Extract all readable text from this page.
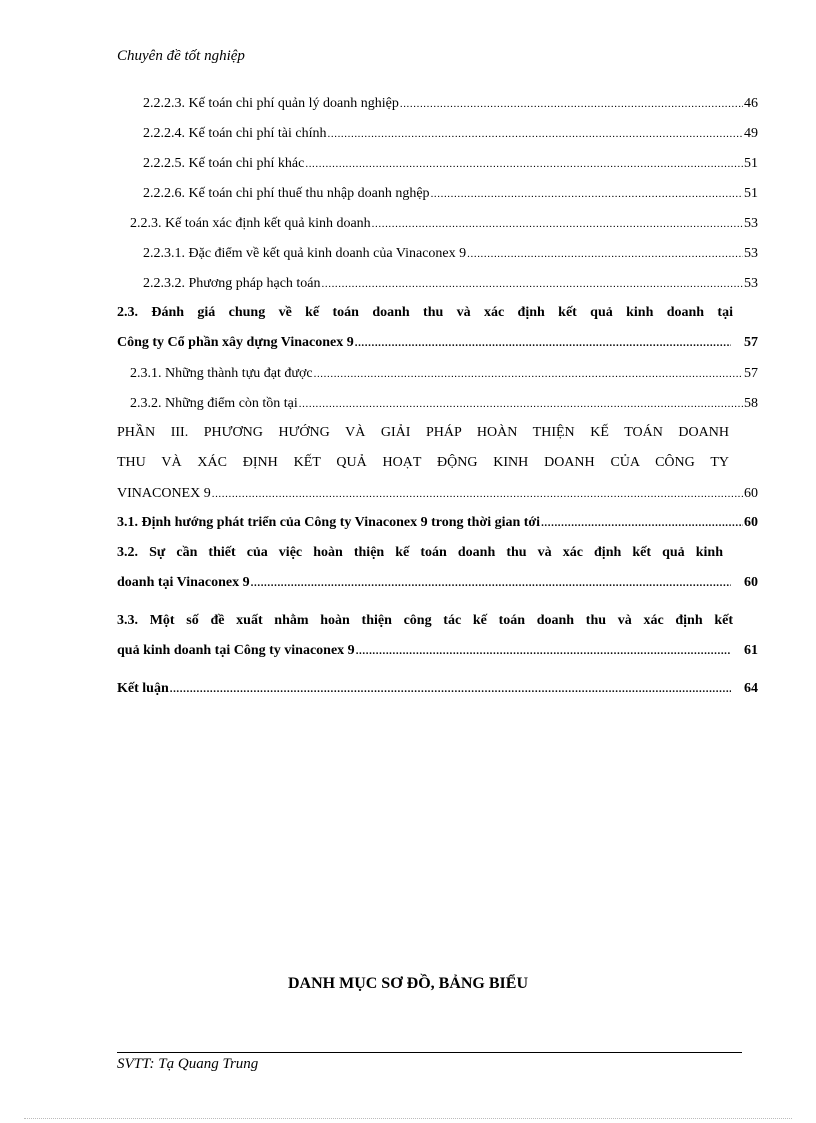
Chuyên đề tốt nghiệp
2.2.2.3. Kế toán chi phí quản lý doanh nghiệp .....	46
2.2.2.4. Kế toán chi phí tài chính .....	49
2.2.2.5. Kế toán chi phí khác .....	51
2.2.2.6. Kế toán chi phí thuế thu nhập doanh nghệp .....	51
2.2.3. Kế toán xác định kết quả kinh doanh .....	53
2.2.3.1. Đặc điểm về kết quả kinh doanh của Vinaconex 9 .....	53
2.2.3.2. Phương pháp hạch toán .....	53
2.3. Đánh giá chung về kế toán doanh thu và xác định kết quả kinh doanh tại
Công ty Cổ phần xây dựng Vinaconex 9 .....	57
2.3.1. Những thành tựu đạt được .....	57
2.3.2. Những điểm còn tồn tại .....	58
PHẦN III. PHƯƠNG HƯỚNG VÀ GIẢI PHÁP HOÀN THIỆN KẾ TOÁN DOANH
THU VÀ XÁC ĐỊNH KẾT QUẢ HOẠT ĐỘNG KINH DOANH CỦA CÔNG TY
VINACONEX 9 .....	60
3.1. Định hướng phát triển của Công ty Vinaconex 9 trong thời gian tới .....	60
3.2. Sự cần thiết của việc hoàn thiện kế toán doanh thu và xác định kết quả kinh
doanh tại Vinaconex 9 .....	60
3.3. Một số đề xuất nhằm hoàn thiện công tác kế toán doanh thu và xác định kết
quả kinh doanh tại Công ty vinaconex 9 .....	61
Kết luận .....	64
DANH MỤC SƠ ĐỒ, BẢNG BIỂU
SVTT: Tạ Quang Trung
